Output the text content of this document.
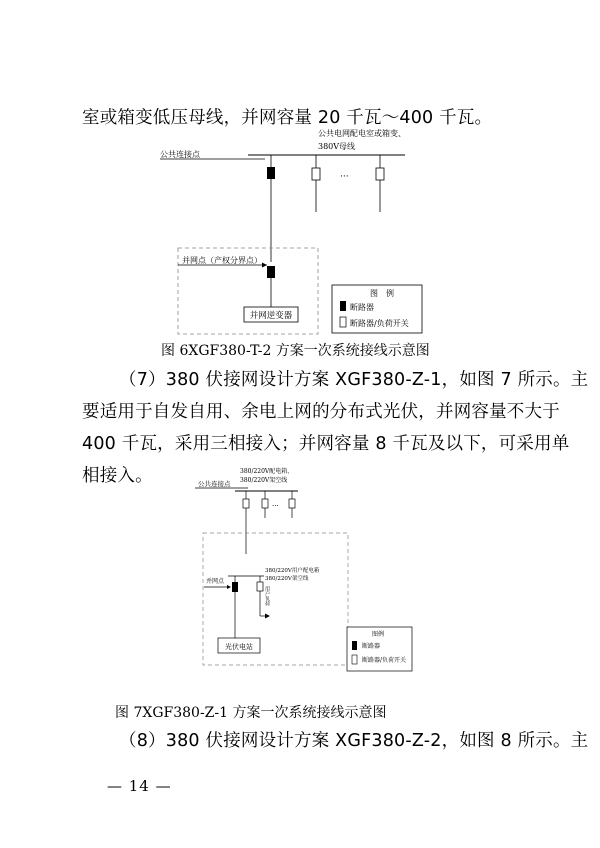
室或箱变低压母线，并网容量 20 千瓦～400 千瓦。
公共连接点
公共电网配电室或箱变、
380V母线
···
并网点（产权分界点）
并网逆变器
图　例
断路器
断路器/负荷开关
图 6XGF380-T-2 方案一次系统接线示意图
（7）380 伏接网设计方案 XGF380-Z-1，如图 7 所示。主
要适用于自发自用、余电上网的分布式光伏，并网容量不大于
400 千瓦，采用三相接入；并网容量 8 千瓦及以下，可采用单
相接入。	380/220V配电箱、
380/220V架空线
公共连接点
···
380/220V用户配电箱
380/220V架空线
并网点
用户负荷
光伏电站
图例
断路器
断路器/负荷开关
图 7XGF380-Z-1 方案一次系统接线示意图
（8）380 伏接网设计方案 XGF380-Z-2，如图 8 所示。主
— 14 —
